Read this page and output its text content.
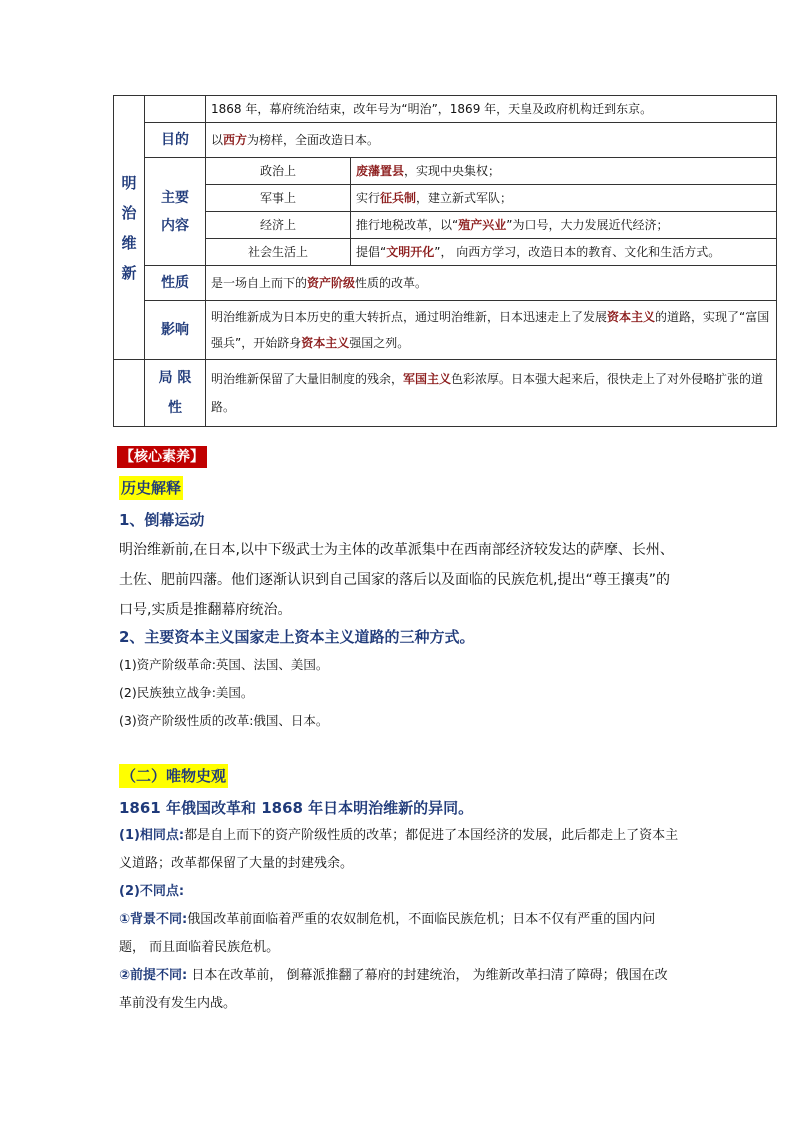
明
治
维
新		1868 年，幕府统治结束，改年号为“明治”，1869 年，天皇及政府机构迁到东京。	
	目的	以西方为榜样，全面改造日本。	

	主要内容	政治上	废藩置县，实现中央集权；
		军事上	实行征兵制，建立新式军队；
		经济上	推行地税改革，以“殖产兴业”为口号，大力发展近代经济；
		社会生活上	提倡“文明开化”， 向西方学习，改造日本的教育、文化和生活方式。
	性质	是一场自上而下的资产阶级性质的改革。	
	影响	明治维新成为日本历史的重大转折点，通过明治维新，日本迅速走上了发展资本主义的道路，实现了“富国强兵”，开始跻身资本主义强国之列。	

	局 限性	明治维新保留了大量旧制度的残余，军国主义色彩浓厚。日本强大起来后，很快走上了对外侵略扩张的道路。	
【核心素养】
历史解释
1、倒幕运动
明治维新前,在日本,以中下级武士为主体的改革派集中在西南部经济较发达的萨摩、长州、土佐、肥前四藩。他们逐渐认识到自己国家的落后以及面临的民族危机,提出“尊王攘夷”的口号,实质是推翻幕府统治。
2、主要资本主义国家走上资本主义道路的三种方式。
(1)资产阶级革命:英国、法国、美国。
(2)民族独立战争:美国。
(3)资产阶级性质的改革:俄国、日本。
（二）唯物史观
1861 年俄国改革和 1868 年日本明治维新的异同。
(1)相同点:都是自上而下的资产阶级性质的改革；都促进了本国经济的发展，此后都走上了资本主义道路；改革都保留了大量的封建残余。
(2)不同点:
①背景不同:俄国改革前面临着严重的农奴制危机，不面临民族危机；日本不仅有严重的国内问题， 而且面临着民族危机。
②前提不同: 日本在改革前， 倒幕派推翻了幕府的封建统治， 为维新改革扫清了障碍；俄国在改革前没有发生内战。
